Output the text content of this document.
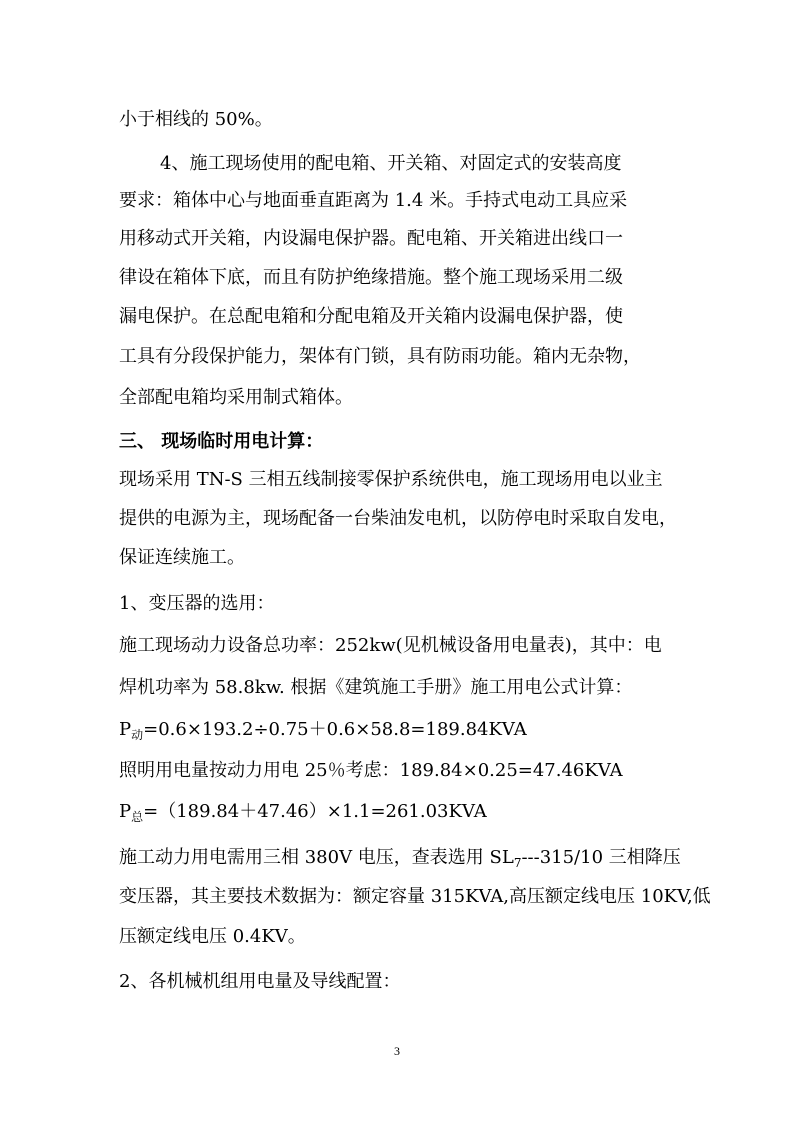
小于相线的 50%。
4、施工现场使用的配电箱、开关箱、对固定式的安装高度
要求：箱体中心与地面垂直距离为 1.4 米。手持式电动工具应采
用移动式开关箱，内设漏电保护器。配电箱、开关箱进出线口一
律设在箱体下底，而且有防护绝缘措施。整个施工现场采用二级
漏电保护。在总配电箱和分配电箱及开关箱内设漏电保护器，使
工具有分段保护能力，架体有门锁，具有防雨功能。箱内无杂物，
全部配电箱均采用制式箱体。
三、 现场临时用电计算：
现场采用 TN-S 三相五线制接零保护系统供电，施工现场用电以业主
提供的电源为主，现场配备一台柴油发电机，以防停电时采取自发电，
保证连续施工。
1、变压器的选用：
施工现场动力设备总功率：252kw(见机械设备用电量表)，其中：电
焊机功率为 58.8kw. 根据《建筑施工手册》施工用电公式计算：
$P_动=0.6\times 193.2\div 0.75+0.6\times 58.8=189.84KVA$
照明用电量按动力用电 25％考虑：189.84×0.25=47.46KVA
$P_总=(189.84+47.46)\times 1.1=261.03KVA$
施工动力用电需用三相 380V 电压，查表选用 $SL_7---315/10$ 三相降压
变压器，其主要技术数据为：额定容量 315KVA,高压额定线电压 10KV,低
压额定线电压 0.4KV。
2、各机械机组用电量及导线配置：
3
